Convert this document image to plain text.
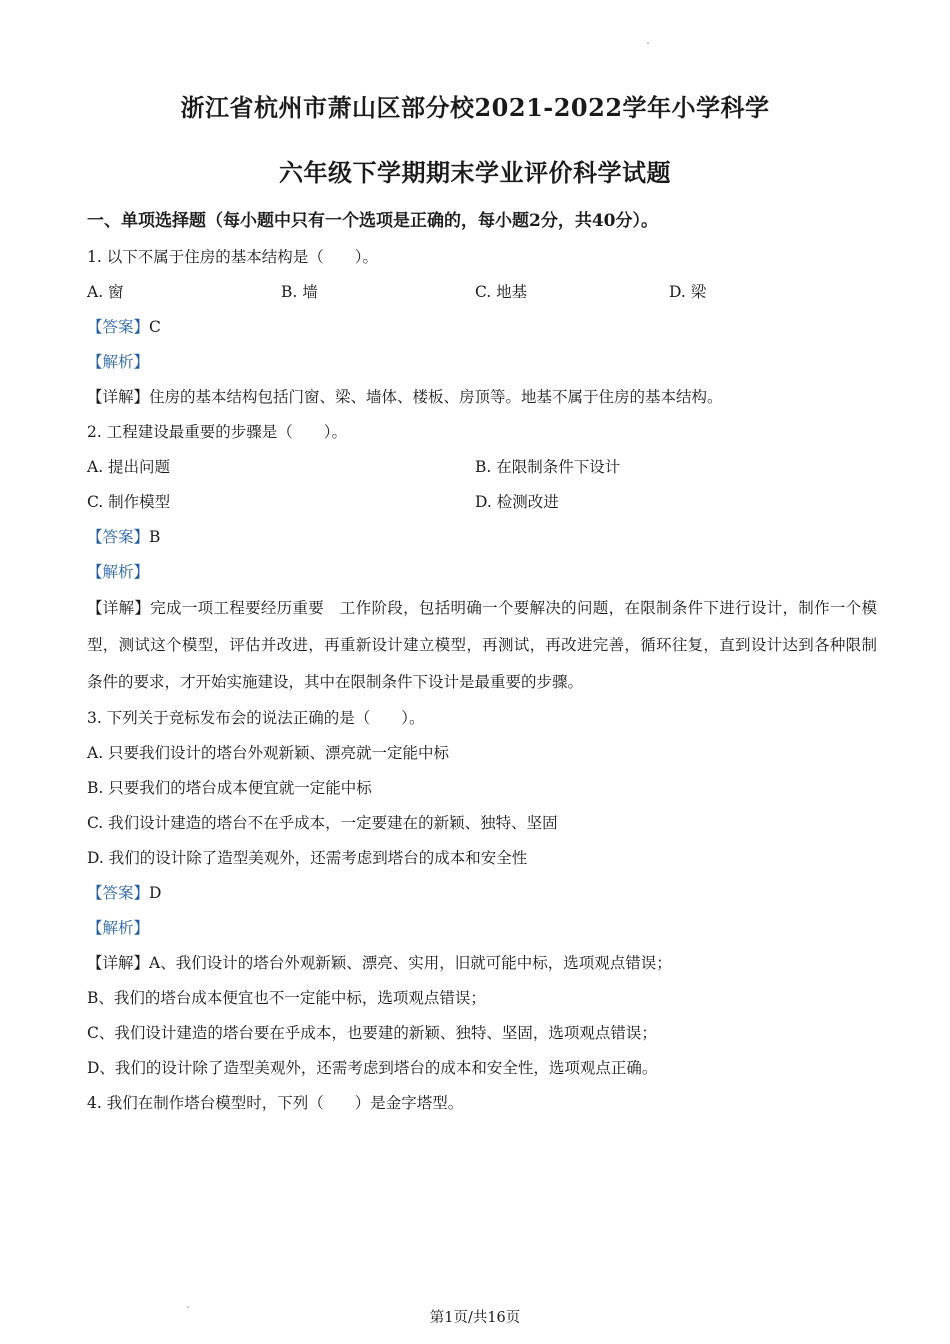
浙江省杭州市萧山区部分校2021-2022学年小学科学
六年级下学期期末学业评价科学试题
一、单项选择题（每小题中只有一个选项是正确的，每小题2分，共40分）。
1. 以下不属于住房的基本结构是（　　）。
A. 窗	B. 墙	C. 地基	D. 梁
【答案】C
【解析】
【详解】住房的基本结构包括门窗、梁、墙体、楼板、房顶等。地基不属于住房的基本结构。
2. 工程建设最重要的步骤是（　　）。
A. 提出问题	B. 在限制条件下设计
C. 制作模型	D. 检测改进
【答案】B
【解析】
【详解】完成一项工程要经历重要　工作阶段，包括明确一个要解决的问题，在限制条件下进行设计，制作一个模型，测试这个模型，评估并改进，再重新设计建立模型，再测试，再改进完善，循环往复，直到设计达到各种限制条件的要求，才开始实施建设，其中在限制条件下设计是最重要的步骤。
3. 下列关于竞标发布会的说法正确的是（　　）。
A. 只要我们设计的塔台外观新颖、漂亮就一定能中标
B. 只要我们的塔台成本便宜就一定能中标
C. 我们设计建造的塔台不在乎成本，一定要建在的新颖、独特、坚固
D. 我们的设计除了造型美观外，还需考虑到塔台的成本和安全性
【答案】D
【解析】
【详解】A、我们设计的塔台外观新颖、漂亮、实用，旧就可能中标，选项观点错误；
B、我们的塔台成本便宜也不一定能中标，选项观点错误；
C、我们设计建造的塔台要在乎成本，也要建的新颖、独特、坚固，选项观点错误；
D、我们的设计除了造型美观外，还需考虑到塔台的成本和安全性，选项观点正确。
4. 我们在制作塔台模型时，下列（　　）是金字塔型。
第1页/共16页
